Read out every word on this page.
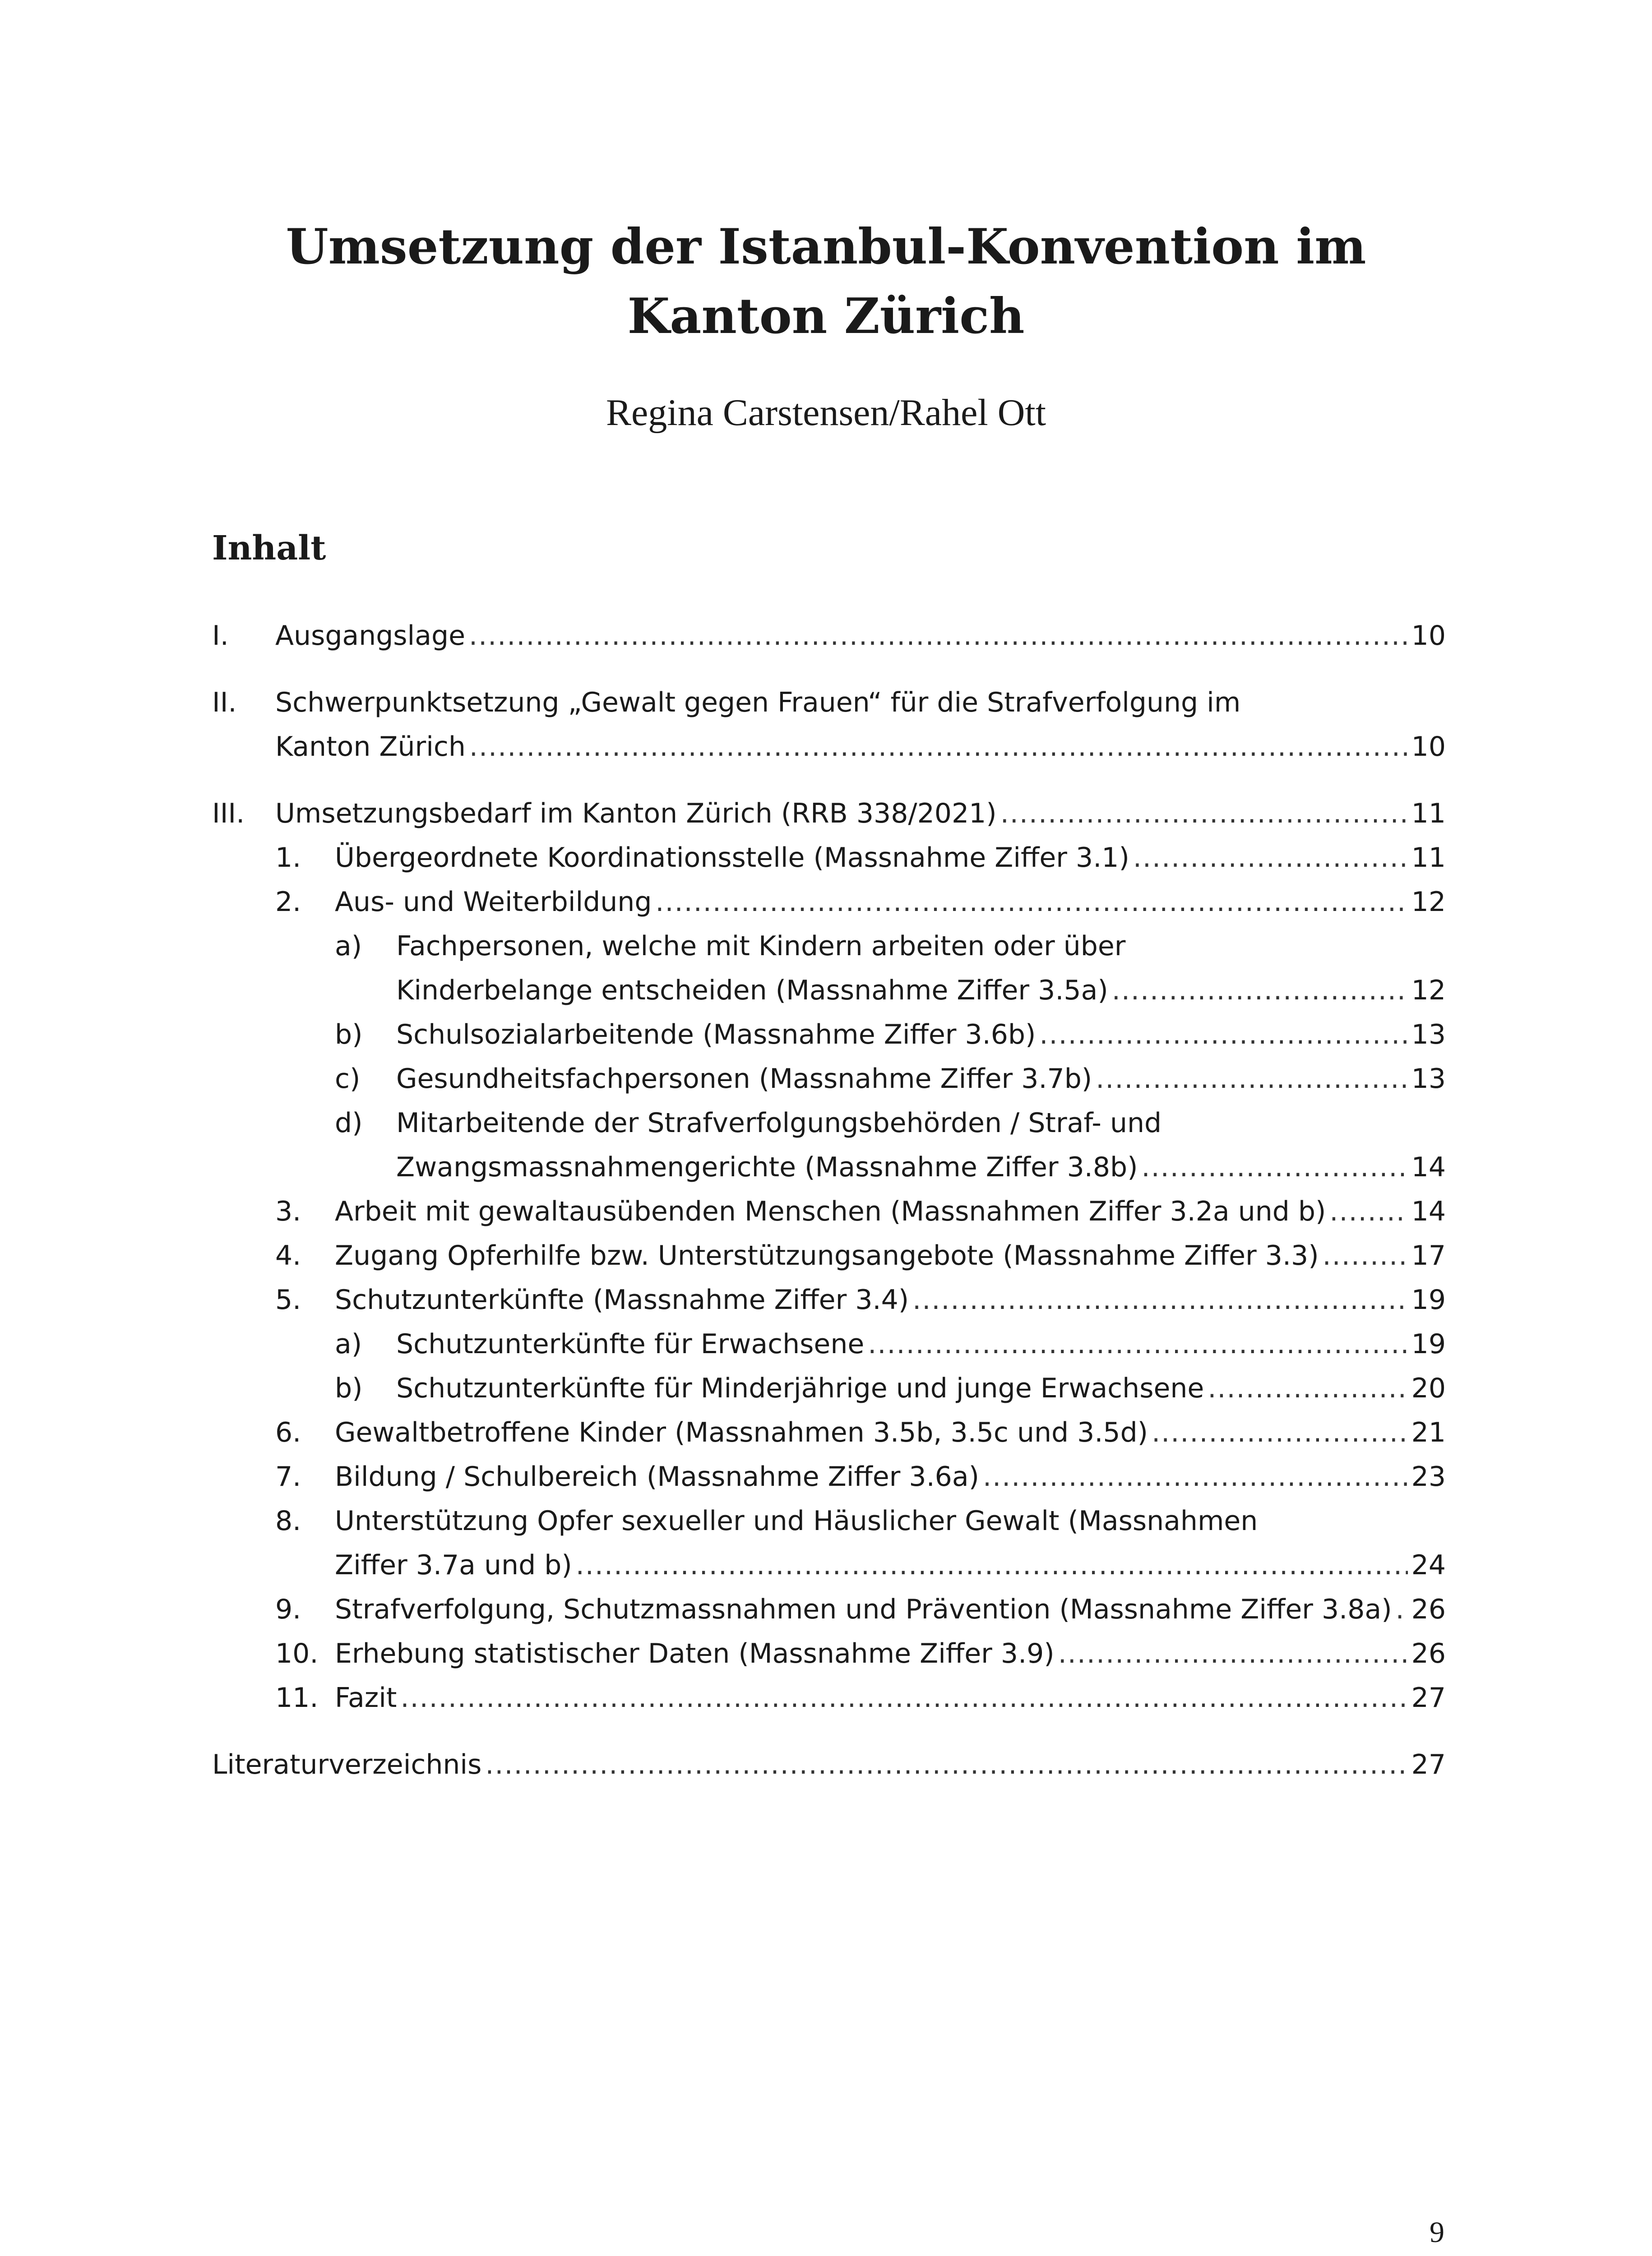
Umsetzung der Istanbul-Konvention im
Kanton Zürich
Regina Carstensen/Rahel Ott
Inhalt
I. Ausgangslage .....	10
II. Schwerpunktsetzung „Gewalt gegen Frauen“ für die Strafverfolgung im
Kanton Zürich .....	10
III. Umsetzungsbedarf im Kanton Zürich (RRB 338/2021) .....	11
1. Übergeordnete Koordinationsstelle (Massnahme Ziffer 3.1) .....	11
2. Aus- und Weiterbildung .....	12
a) Fachpersonen, welche mit Kindern arbeiten oder über
Kinderbelange entscheiden (Massnahme Ziffer 3.5a) .....	12
b) Schulsozialarbeitende (Massnahme Ziffer 3.6b) .....	13
c) Gesundheitsfachpersonen (Massnahme Ziffer 3.7b) .....	13
d) Mitarbeitende der Strafverfolgungsbehörden / Straf- und
Zwangsmassnahmengerichte (Massnahme Ziffer 3.8b) .....	14
3. Arbeit mit gewaltausübenden Menschen (Massnahmen Ziffer 3.2a und b) .....	14
4. Zugang Opferhilfe bzw. Unterstützungsangebote (Massnahme Ziffer 3.3) .....	17
5. Schutzunterkünfte (Massnahme Ziffer 3.4) .....	19
a) Schutzunterkünfte für Erwachsene .....	19
b) Schutzunterkünfte für Minderjährige und junge Erwachsene .....	20
6. Gewaltbetroffene Kinder (Massnahmen 3.5b, 3.5c und 3.5d) .....	21
7. Bildung / Schulbereich (Massnahme Ziffer 3.6a) .....	23
8. Unterstützung Opfer sexueller und Häuslicher Gewalt (Massnahmen
Ziffer 3.7a und b) .....	24
9. Strafverfolgung, Schutzmassnahmen und Prävention (Massnahme Ziffer 3.8a) ..... 26
10. Erhebung statistischer Daten (Massnahme Ziffer 3.9) .....	26
11. Fazit .....	27
Literaturverzeichnis .....	27
9
